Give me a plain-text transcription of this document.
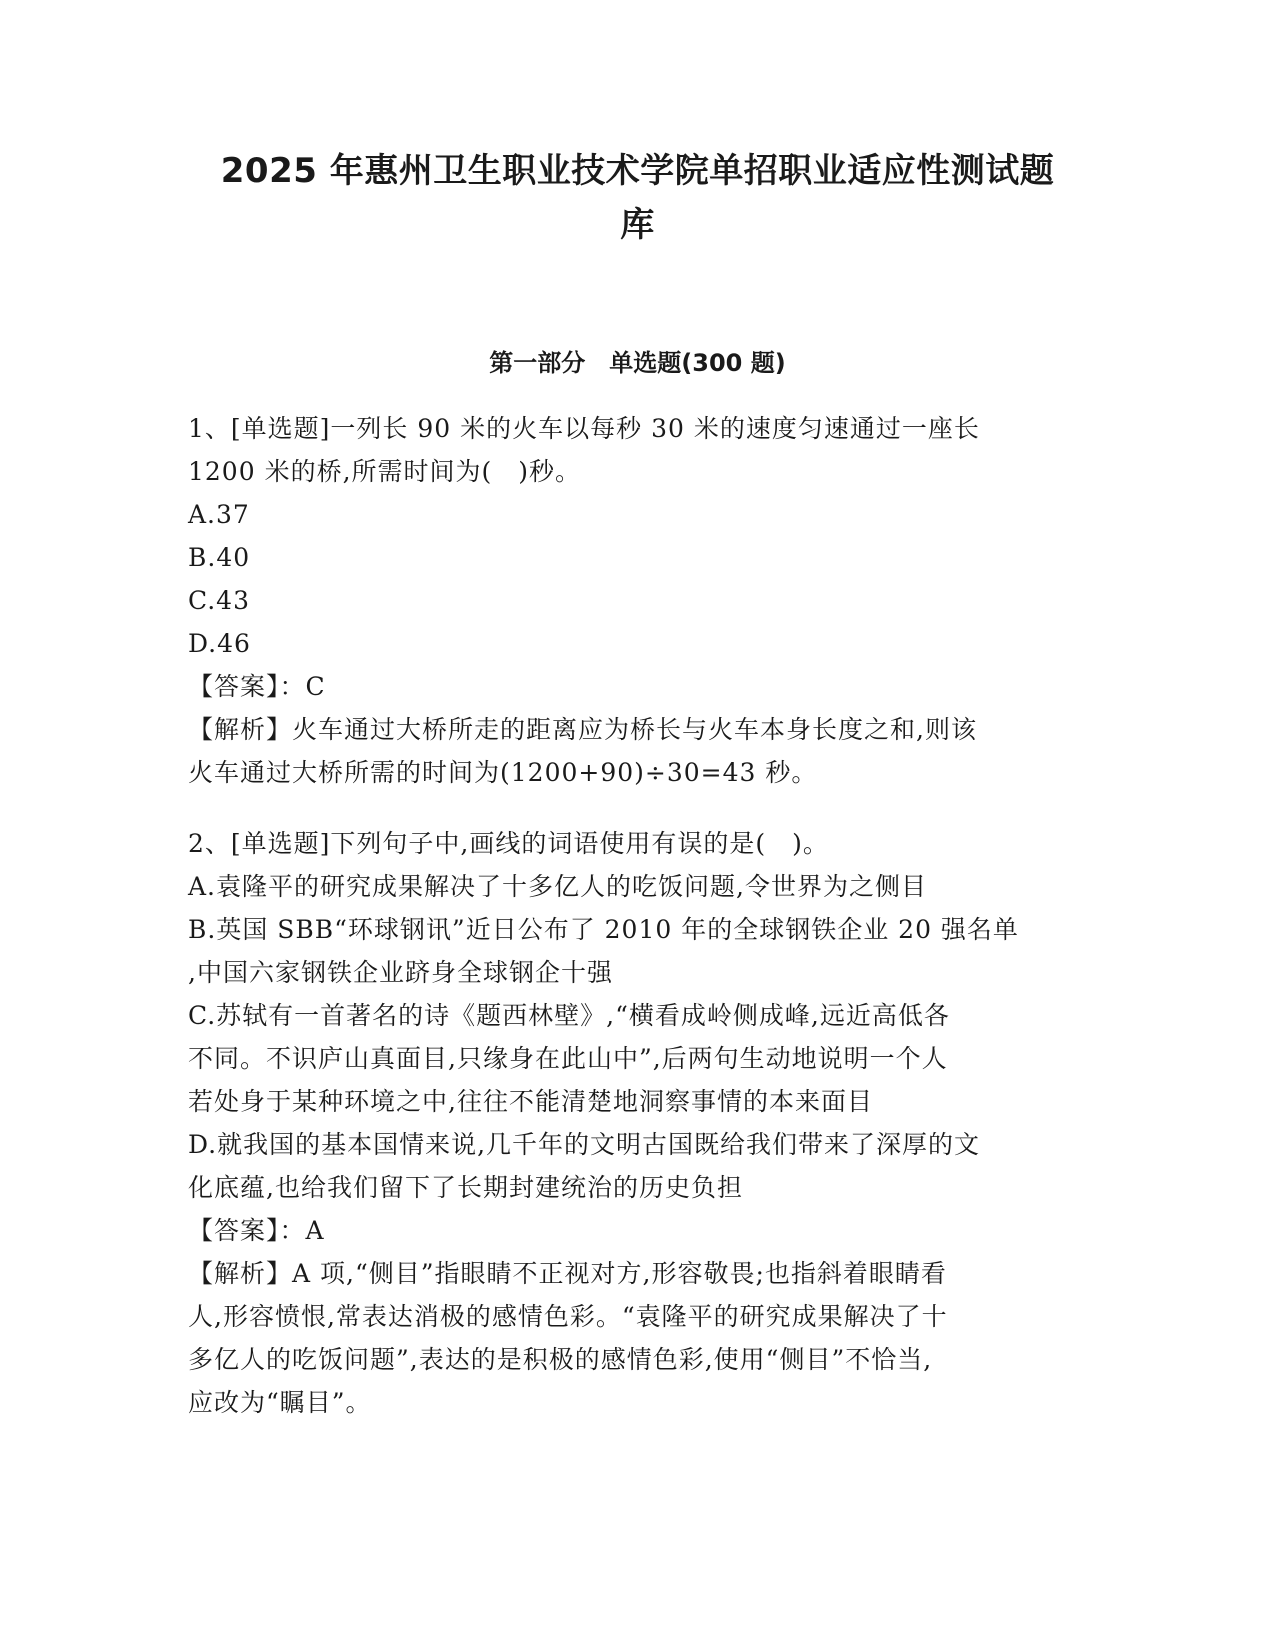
2025 年惠州卫生职业技术学院单招职业适应性测试题
库
第一部分　单选题(300 题)
1、[单选题]一列长 90 米的火车以每秒 30 米的速度匀速通过一座长
1200 米的桥,所需时间为(　)秒。
A.37
B.40
C.43
D.46
【答案】：C
【解析】火车通过大桥所走的距离应为桥长与火车本身长度之和,则该
火车通过大桥所需的时间为(1200+90)÷30=43 秒。
2、[单选题]下列句子中,画线的词语使用有误的是(　)。
A.袁隆平的研究成果解决了十多亿人的吃饭问题,令世界为之侧目
B.英国 SBB“环球钢讯”近日公布了 2010 年的全球钢铁企业 20 强名单
,中国六家钢铁企业跻身全球钢企十强
C.苏轼有一首著名的诗《题西林壁》,“横看成岭侧成峰,远近高低各
不同。不识庐山真面目,只缘身在此山中”,后两句生动地说明一个人
若处身于某种环境之中,往往不能清楚地洞察事情的本来面目
D.就我国的基本国情来说,几千年的文明古国既给我们带来了深厚的文
化底蕴,也给我们留下了长期封建统治的历史负担
【答案】：A
【解析】A 项,“侧目”指眼睛不正视对方,形容敬畏;也指斜着眼睛看
人,形容愤恨,常表达消极的感情色彩。“袁隆平的研究成果解决了十
多亿人的吃饭问题”,表达的是积极的感情色彩,使用“侧目”不恰当,
应改为“瞩目”。
